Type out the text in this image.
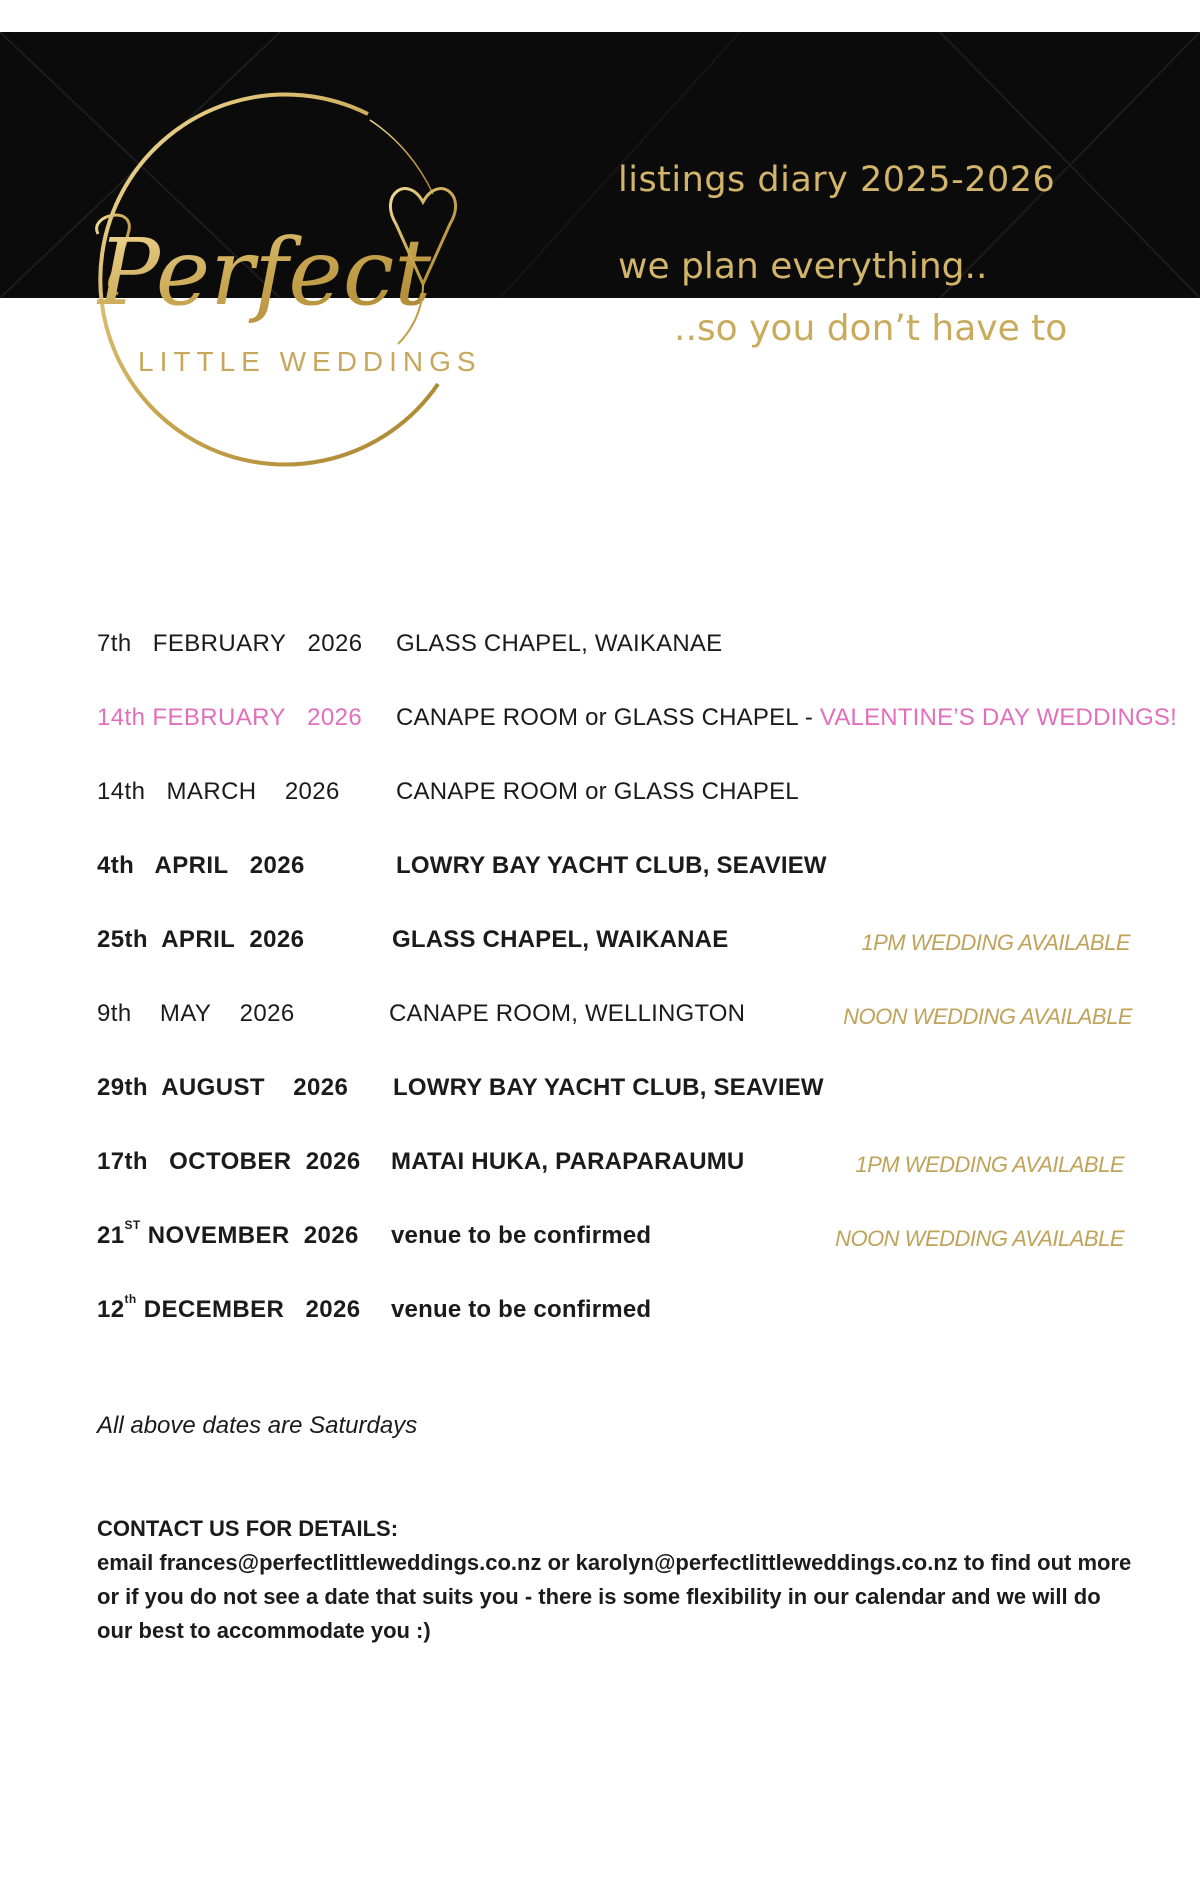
Perfect
LITTLE WEDDINGS
listings diary 2025-2026
we plan everything..
..so you don’t have to
7th FEBRUARY 2026 GLASS CHAPEL, WAIKANAE
14th FEBRUARY 2026 CANAPE ROOM or GLASS CHAPEL - VALENTINE’S DAY WEDDINGS!
14th MARCH 2026 CANAPE ROOM or GLASS CHAPEL
4th APRIL 2026	LOWRY BAY YACHT CLUB, SEAVIEW
25th APRIL 2026	GLASS CHAPEL, WAIKANAE	1PM WEDDING AVAILABLE
9th MAY 2026	CANAPE ROOM, WELLINGTON	NOON WEDDING AVAILABLE
29th AUGUST 2026 LOWRY BAY YACHT CLUB, SEAVIEW
17th OCTOBER 2026 MATAI HUKA, PARAPARAUMU	1PM WEDDING AVAILABLE
21ST NOVEMBER 2026 venue to be confirmed	NOON WEDDING AVAILABLE
12th DECEMBER 2026 venue to be confirmed
All above dates are Saturdays
CONTACT US FOR DETAILS:
email frances@perfectlittleweddings.co.nz or karolyn@perfectlittleweddings.co.nz to find out more or if you do not see a date that suits you - there is some flexibility in our calendar and we will do our best to accommodate you :)
